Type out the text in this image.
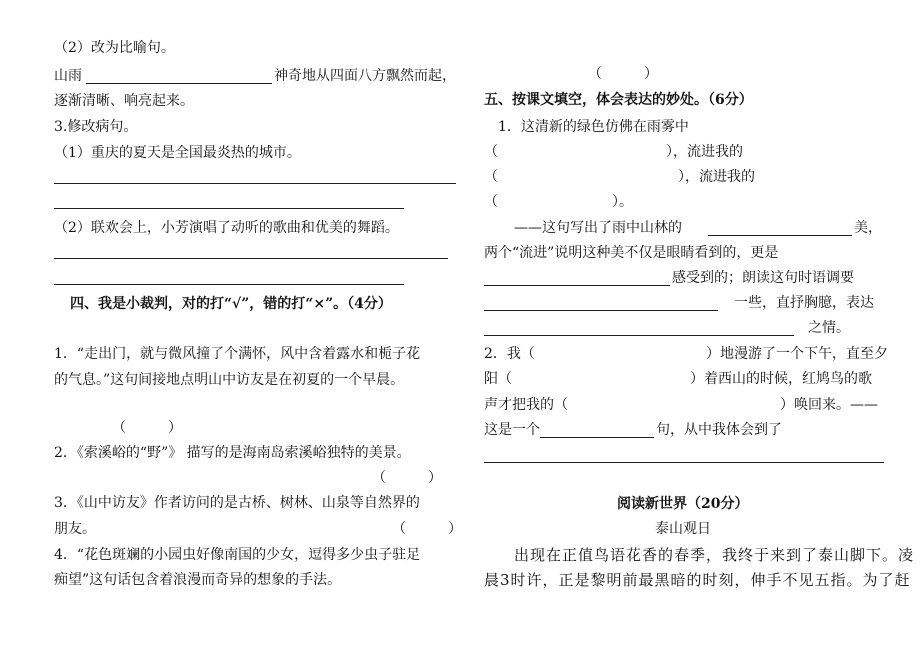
（2）改为比喻句。
山雨	神奇地从四面八方飘然而起，
逐渐清晰、响亮起来。
3.修改病句。
（1）重庆的夏天是全国最炎热的城市。
（2）联欢会上，小芳演唱了动听的歌曲和优美的舞蹈。
四、我是小裁判，对的打“√”，错的打“×”。（4分）
1．“走出门，就与微风撞了个满怀，风中含着露水和栀子花
的气息。”这句间接地点明山中访友是在初夏的一个早晨。
（　　　）
2．《索溪峪的“野”》 描写的是海南岛索溪峪独特的美景。
（　　　）
3．《山中访友》作者访问的是古桥、树林、山泉等自然界的
朋友。	（　　　）
4．“花色斑斓的小园虫好像南国的少女，逗得多少虫子驻足
痴望”这句话包含着浪漫而奇异的想象的手法。
（　　　）
五、按课文填空，体会表达的妙处。（6分）
1．这清新的绿色仿佛在雨雾中
（	），流进我的
（	），流进我的
（	）。
——这句写出了雨中山林的	美，
两个“流进”说明这种美不仅是眼睛看到的，更是
感受到的；朗读这句时语调要
一些，直抒胸臆，表达
之情。
2．我（	）地漫游了一个下午，直至夕
阳（	）着西山的时候，红鸠鸟的歌
声才把我的（	）唤回来。——
这是一个	句，从中我体会到了
阅读新世界（20分）
泰山观日
出现在正值鸟语花香的春季，我终于来到了泰山脚下。凌
晨3时许，正是黎明前最黑暗的时刻，伸手不见五指。为了赶
